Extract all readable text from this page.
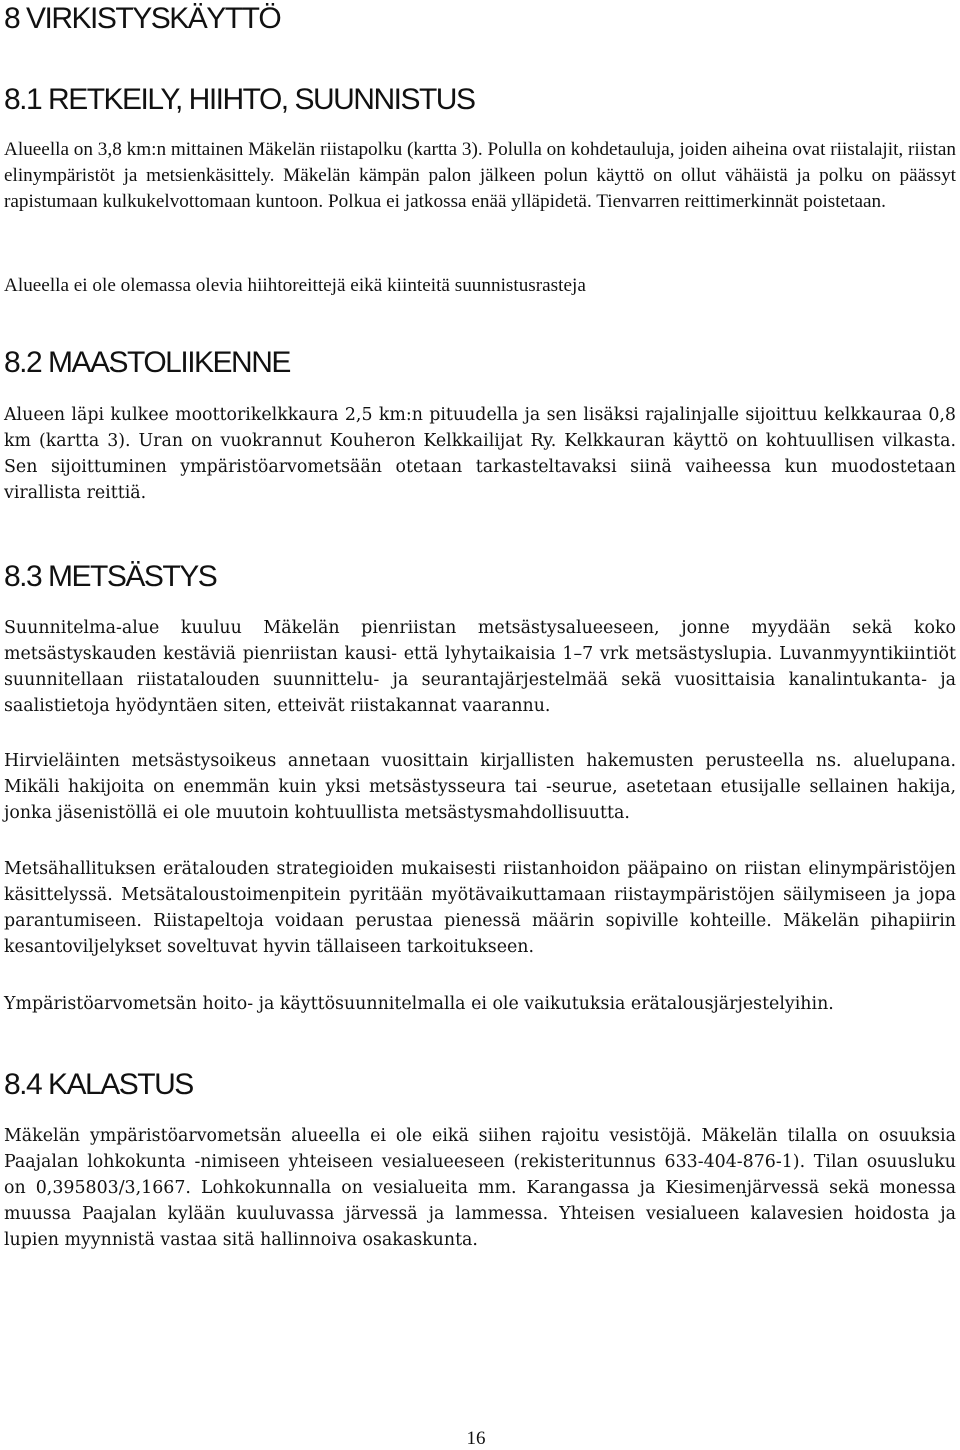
8 VIRKISTYSKÄYTTÖ
8.1 RETKEILY, HIIHTO, SUUNNISTUS

Alueella on 3,8 km:n mittainen Mäkelän riistapolku (kartta 3). Polulla on kohdetauluja, joiden aiheina ovat riistalajit, riistan elinympäristöt ja metsienkäsittely. Mäkelän kämpän palon jälkeen polun käyttö on ollut vähäistä ja polku on päässyt rapistumaan kulkukelvottomaan kuntoon. Polkua ei jatkossa enää ylläpidetä. Tienvarren reittimerkinnät poistetaan.

Alueella ei ole olemassa olevia hiihtoreittejä eikä kiinteitä suunnistusrasteja

8.2 MAASTOLIIKENNE

Alueen läpi kulkee moottorikelkkaura 2,5 km:n pituudella ja sen lisäksi rajalinjalle sijoittuu kelkkauraa 0,8 km (kartta 3). Uran on vuokrannut Kouheron Kelkkailijat Ry. Kelkkauran käyttö on kohtuullisen vilkasta. Sen sijoittuminen ympäristöarvometsään otetaan tarkasteltavaksi siinä vaiheessa kun muodostetaan virallista reittiä.

8.3 METSÄSTYS

Suunnitelma-alue kuuluu Mäkelän pienriistan metsästysalueeseen, jonne myydään sekä koko metsästyskauden kestäviä pienriistan kausi- että lyhytaikaisia 1–7 vrk metsästyslupia. Luvanmyyntikiintiöt suunnitellaan riistatalouden suunnittelu- ja seurantajärjestelmää sekä vuosittaisia kanalintukanta- ja saalistietoja hyödyntäen siten, etteivät riistakannat vaarannu.

Hirvieläinten metsästysoikeus annetaan vuosittain kirjallisten hakemusten perusteella ns. aluelupana. Mikäli hakijoita on enemmän kuin yksi metsästysseura tai -seurue, asetetaan etusijalle sellainen hakija, jonka jäsenistöllä ei ole muutoin kohtuullista metsästysmahdollisuutta.

Metsähallituksen erätalouden strategioiden mukaisesti riistanhoidon pääpaino on riistan elinympäristöjen käsittelyssä. Metsätaloustoimenpitein pyritään myötävaikuttamaan riistaympäristöjen säilymiseen ja jopa parantumiseen. Riistapeltoja voidaan perustaa pienessä määrin sopiville kohteille. Mäkelän pihapiirin kesantoviljelykset soveltuvat hyvin tällaiseen tarkoitukseen.

Ympäristöarvometsän hoito- ja käyttösuunnitelmalla ei ole vaikutuksia erätalousjärjestelyihin.

8.4 KALASTUS

Mäkelän ympäristöarvometsän alueella ei ole eikä siihen rajoitu vesistöjä. Mäkelän tilalla on osuuksia Paajalan lohkokunta -nimiseen yhteiseen vesialueeseen (rekisteritunnus 633-404-876-1). Tilan osuusluku on 0,395803/3,1667. Lohkokunnalla on vesialueita mm. Karangassa ja Kiesimenjärvessä sekä monessa muussa Paajalan kylään kuuluvassa järvessä ja lammessa. Yhteisen vesialueen kalavesien hoidosta ja lupien myynnistä vastaa sitä hallinnoiva osakaskunta.

16
